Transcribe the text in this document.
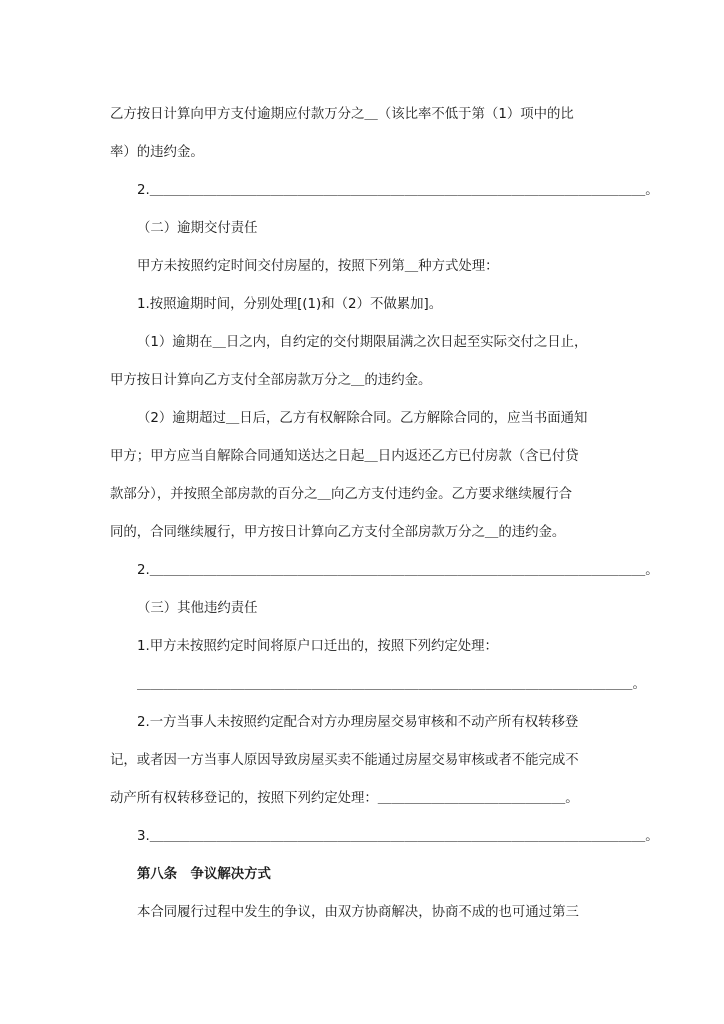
乙方按日计算向甲方支付逾期应付款万分之＿（该比率不低于第（1）项中的比
率）的违约金。
2.＿＿＿＿＿＿＿＿＿＿＿＿＿＿＿＿＿＿＿＿＿＿＿＿＿＿＿＿＿＿＿＿＿＿＿＿＿。
（二）逾期交付责任
甲方未按照约定时间交付房屋的，按照下列第＿种方式处理：
1.按照逾期时间，分别处理[(1)和（2）不做累加]。
（1）逾期在＿日之内，自约定的交付期限届满之次日起至实际交付之日止，
甲方按日计算向乙方支付全部房款万分之＿的违约金。
（2）逾期超过＿日后，乙方有权解除合同。乙方解除合同的，应当书面通知
甲方；甲方应当自解除合同通知送达之日起＿日内返还乙方已付房款（含已付贷
款部分），并按照全部房款的百分之＿向乙方支付违约金。乙方要求继续履行合
同的，合同继续履行，甲方按日计算向乙方支付全部房款万分之＿的违约金。
2.＿＿＿＿＿＿＿＿＿＿＿＿＿＿＿＿＿＿＿＿＿＿＿＿＿＿＿＿＿＿＿＿＿＿＿＿＿。
（三）其他违约责任
1.甲方未按照约定时间将原户口迁出的，按照下列约定处理：
＿＿＿＿＿＿＿＿＿＿＿＿＿＿＿＿＿＿＿＿＿＿＿＿＿＿＿＿＿＿＿＿＿＿＿＿＿。
2.一方当事人未按照约定配合对方办理房屋交易审核和不动产所有权转移登
记，或者因一方当事人原因导致房屋买卖不能通过房屋交易审核或者不能完成不
动产所有权转移登记的，按照下列约定处理：＿＿＿＿＿＿＿＿＿＿＿＿＿＿。
3.＿＿＿＿＿＿＿＿＿＿＿＿＿＿＿＿＿＿＿＿＿＿＿＿＿＿＿＿＿＿＿＿＿＿＿＿＿。
第八条　争议解决方式
本合同履行过程中发生的争议，由双方协商解决，协商不成的也可通过第三
